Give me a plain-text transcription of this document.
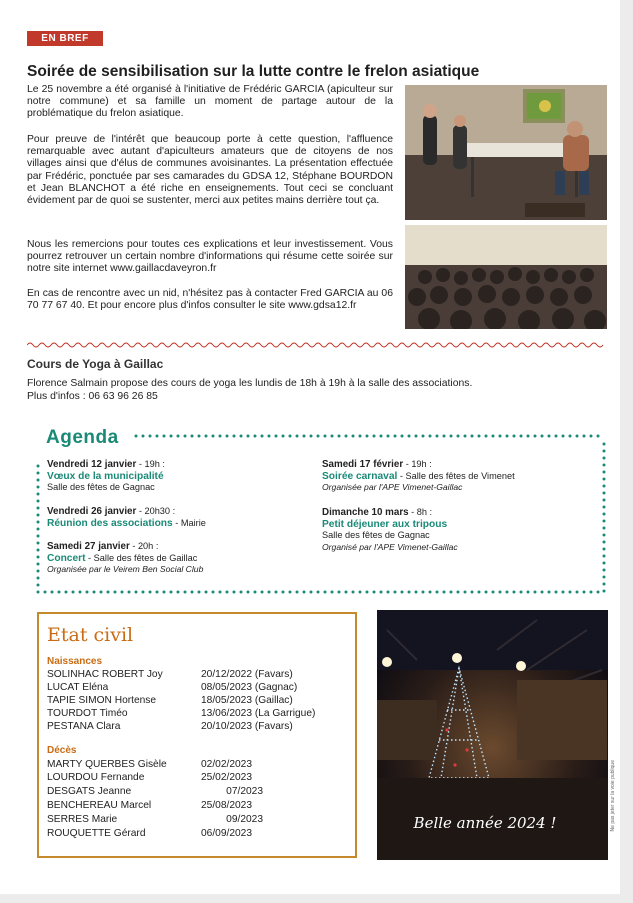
EN BREF
Soirée de sensibilisation sur la lutte contre le frelon asiatique
Le 25 novembre a été organisé à l'initiative de Frédéric GARCIA (apiculteur sur notre commune) et sa famille un moment de partage autour de la problématique du frelon asiatique.
Pour preuve de l'intérêt que beaucoup porte à cette question, l'affluence remarquable avec autant d'apiculteurs amateurs que de citoyens de nos villages ainsi que d'élus de communes avoisinantes. La présentation effectuée par Frédéric, ponctuée par ses camarades du GDSA 12, Stéphane BOURDON et Jean BLANCHOT a été riche en enseignements. Tout ceci se concluant évidement par de quoi se sustenter, merci aux petites mains derrière tout ça.
Nous les remercions pour toutes ces explications et leur investissement. Vous pourrez retrouver un certain nombre d'informations qui résume cette soirée sur notre site internet www.gaillacdaveyron.fr
En cas de rencontre avec un nid, n'hésitez pas à contacter Fred GARCIA au 06 70 77 67 40. Et pour encore plus d'infos consulter le site www.gdsa12.fr
Cours de Yoga à Gaillac
Florence Salmain propose des cours de yoga les lundis de 18h à 19h à la salle des associations.
Plus d'infos : 06 63 96 26 85
Agenda
Vendredi 12 janvier - 19h :
Vœux de la municipalité
Salle des fêtes de Gagnac
Vendredi 26 janvier - 20h30 :
Réunion des associations - Mairie
Samedi 27 janvier - 20h :
Concert - Salle des fêtes de Gaillac
Organisée par le Veirem Ben Social Club
Samedi 17 février - 19h :
Soirée carnaval - Salle des fêtes de Vimenet
Organisée par l'APE Vimenet-Gaillac
Dimanche 10 mars - 8h :
Petit déjeuner aux tripous
Salle des fêtes de Gagnac
Organisé par l'APE Vimenet-Gaillac
Etat civil
Naissances
SOLINHAC ROBERT Joy	20/12/2022 (Favars)
LUCAT Eléna	08/05/2023 (Gagnac)
TAPIE SIMON Hortense	18/05/2023 (Gaillac)
TOURDOT Timéo	13/06/2023 (La Garrigue)
PESTANA Clara	20/10/2023 (Favars)
Décès
MARTY QUERBES Gisèle	02/02/2023
LOURDOU Fernande	25/02/2023
DESGATS Jeanne	07/2023
BENCHEREAU Marcel	25/08/2023
SERRES Marie	09/2023
ROUQUETTE Gérard	06/09/2023
Belle année 2024 !	Ne pas jeter sur la voie publique
